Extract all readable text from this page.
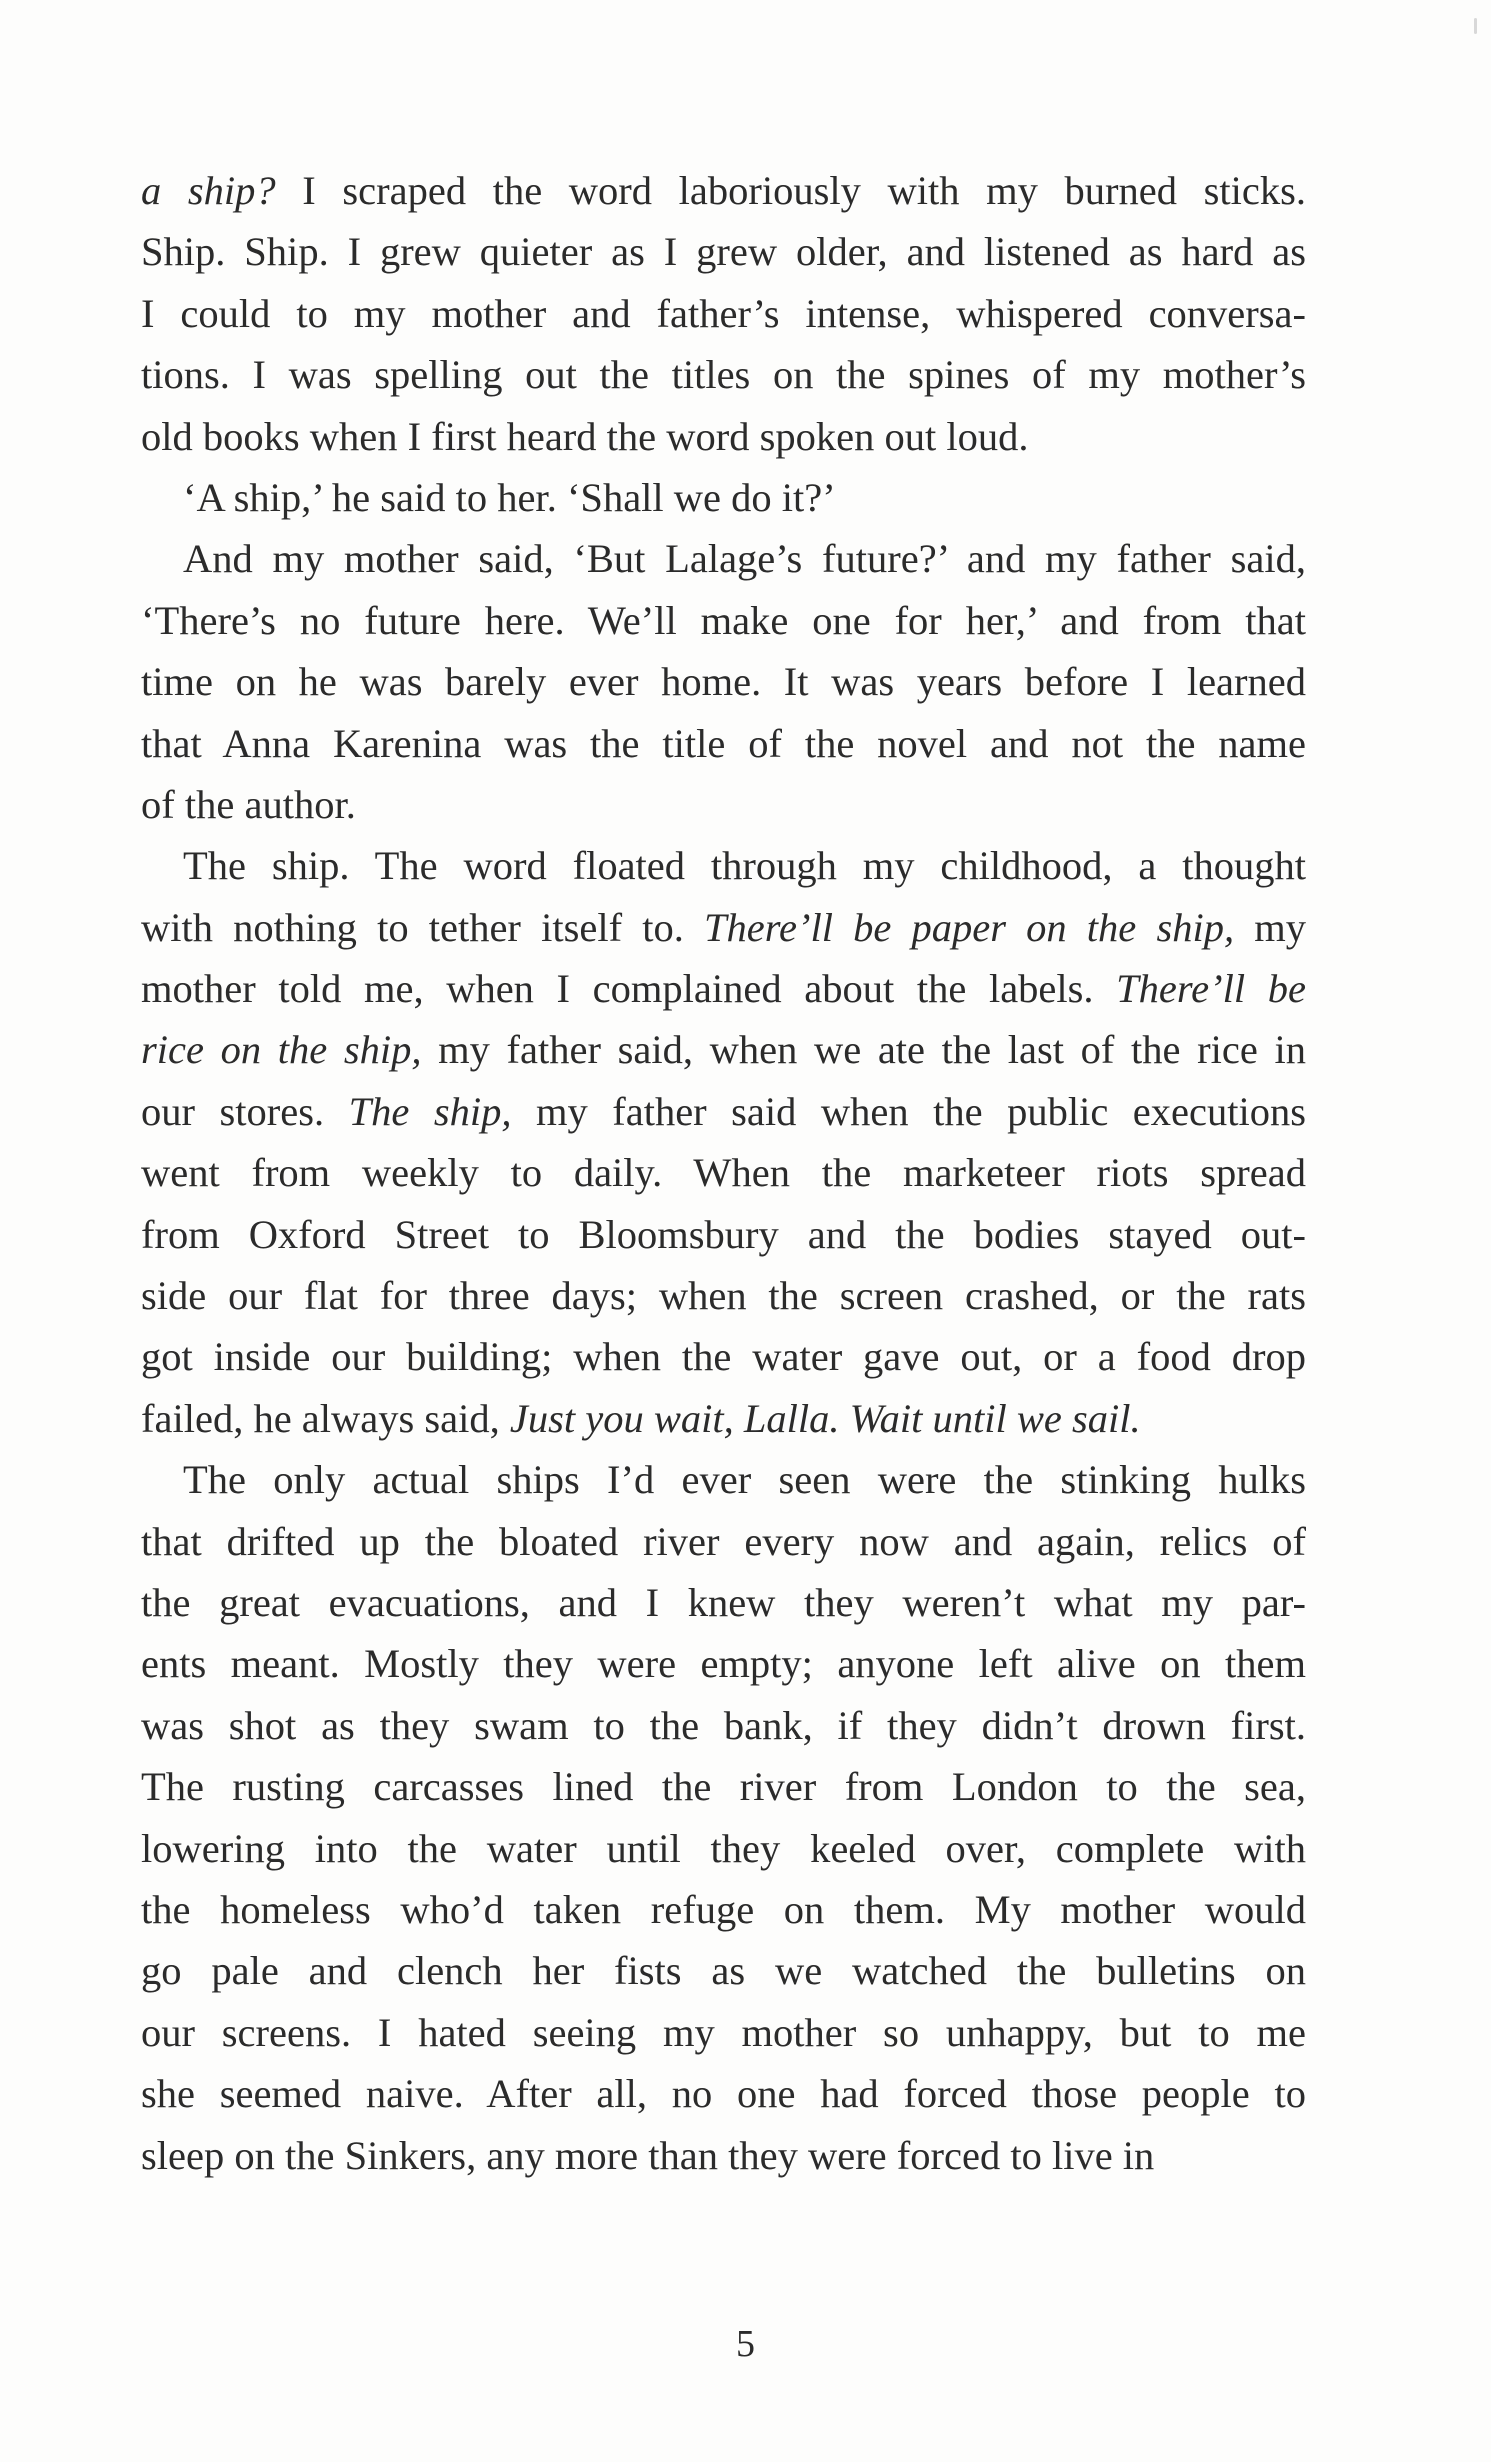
a ship? I scraped the word laboriously with my burned sticks.
Ship. Ship. I grew quieter as I grew older, and listened as hard as
I could to my mother and father’s intense, whispered conversa-
tions. I was spelling out the titles on the spines of my mother’s
old books when I first heard the word spoken out loud.
‘A ship,’ he said to her. ‘Shall we do it?’
And my mother said, ‘But Lalage’s future?’ and my father said,
‘There’s no future here. We’ll make one for her,’ and from that
time on he was barely ever home. It was years before I learned
that Anna Karenina was the title of the novel and not the name
of the author.
The ship. The word floated through my childhood, a thought
with nothing to tether itself to. There’ll be paper on the ship, my
mother told me, when I complained about the labels. There’ll be
rice on the ship, my father said, when we ate the last of the rice in
our stores. The ship, my father said when the public executions
went from weekly to daily. When the marketeer riots spread
from Oxford Street to Bloomsbury and the bodies stayed out-
side our flat for three days; when the screen crashed, or the rats
got inside our building; when the water gave out, or a food drop
failed, he always said, Just you wait, Lalla. Wait until we sail.
The only actual ships I’d ever seen were the stinking hulks
that drifted up the bloated river every now and again, relics of
the great evacuations, and I knew they weren’t what my par-
ents meant. Mostly they were empty; anyone left alive on them
was shot as they swam to the bank, if they didn’t drown first.
The rusting carcasses lined the river from London to the sea,
lowering into the water until they keeled over, complete with
the homeless who’d taken refuge on them. My mother would
go pale and clench her fists as we watched the bulletins on
our screens. I hated seeing my mother so unhappy, but to me
she seemed naive. After all, no one had forced those people to
sleep on the Sinkers, any more than they were forced to live in
5
